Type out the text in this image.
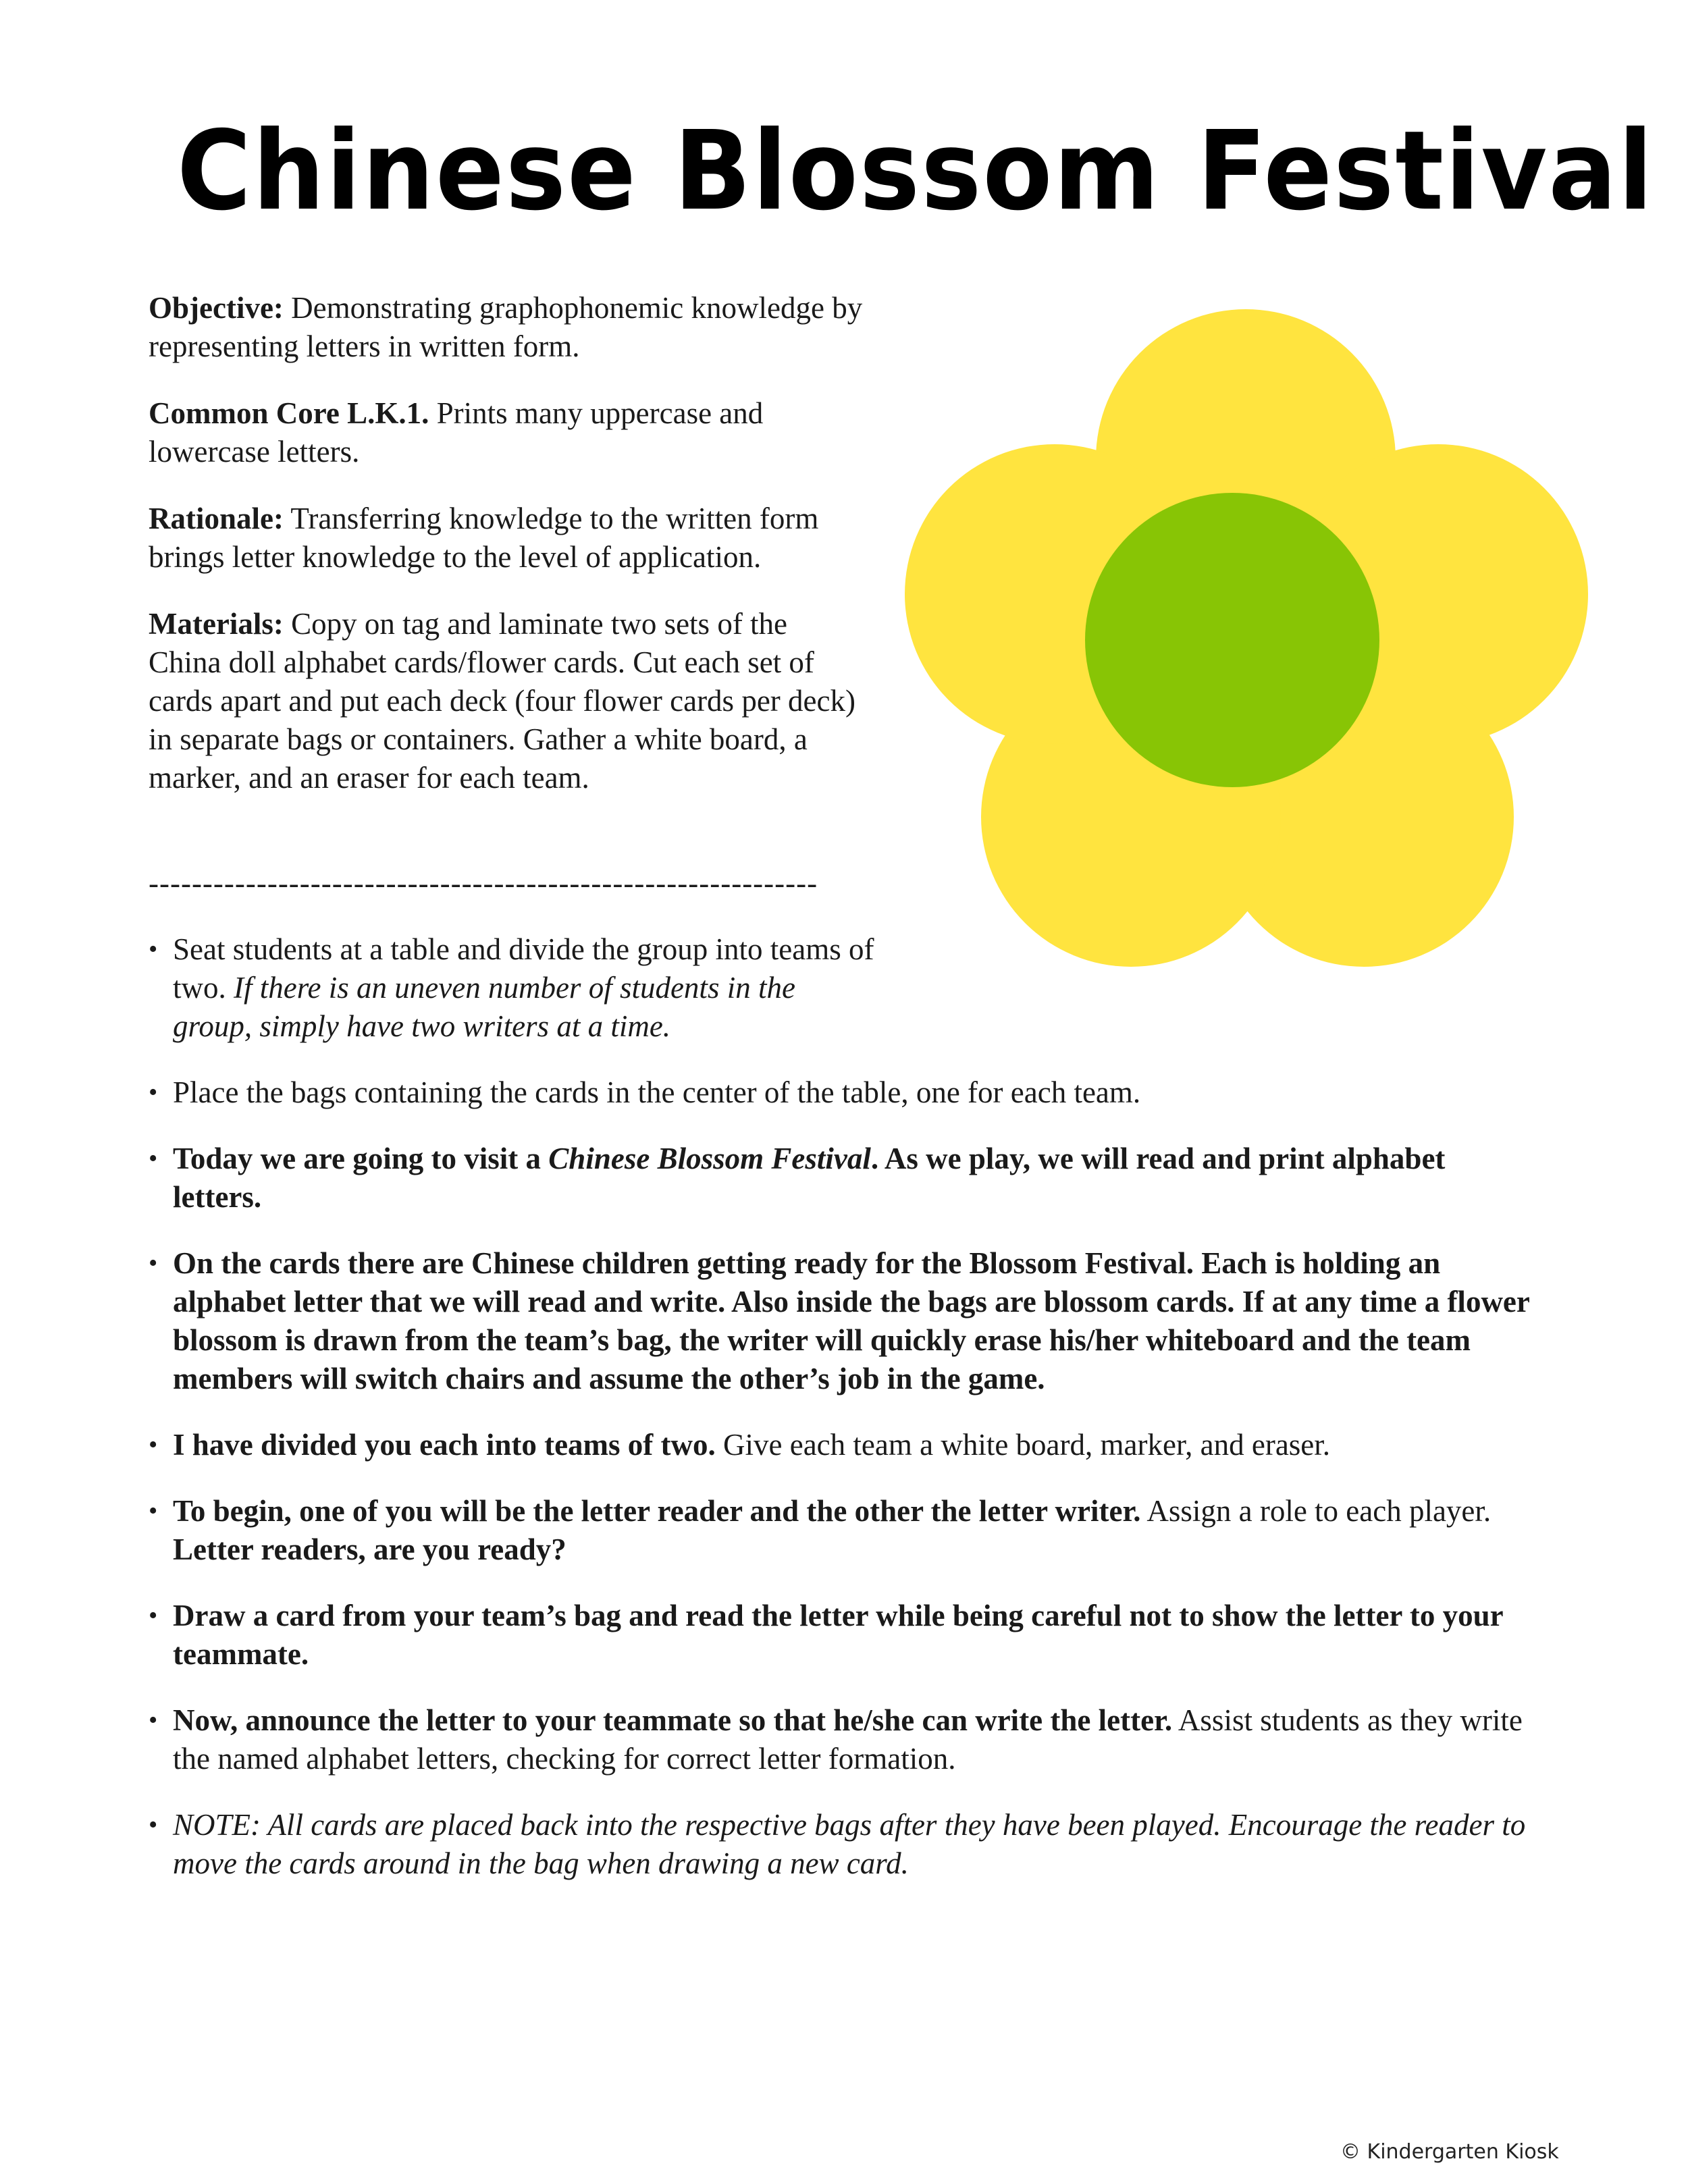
Chinese Blossom Festival

Objective: Demonstrating graphophonemic knowledge by representing letters in written form.

Common Core L.K.1. Prints many uppercase and lowercase letters.

Rationale: Transferring knowledge to the written form brings letter knowledge to the level of application.

Materials: Copy on tag and laminate two sets of the China doll alphabet cards/flower cards. Cut each set of cards apart and put each deck (four flower cards per deck) in separate bags or containers. Gather a white board, a marker, and an eraser for each team.

--------------------------------------------------------------
• Seat students at a table and divide the group into teams of two. If there is an uneven number of students in the group, simply have two writers at a time.
• Place the bags containing the cards in the center of the table, one for each team.
• Today we are going to visit a Chinese Blossom Festival. As we play, we will read and print alphabet letters.
• On the cards there are Chinese children getting ready for the Blossom Festival. Each is holding an alphabet letter that we will read and write. Also inside the bags are blossom cards. If at any time a flower blossom is drawn from the team’s bag, the writer will quickly erase his/her whiteboard and the team members will switch chairs and assume the other’s job in the game.
• I have divided you each into teams of two. Give each team a white board, marker, and eraser.
• To begin, one of you will be the letter reader and the other the letter writer. Assign a role to each player. Letter readers, are you ready?
• Draw a card from your team’s bag and read the letter while being careful not to show the letter to your teammate.
• Now, announce the letter to your teammate so that he/she can write the letter. Assist students as they write the named alphabet letters, checking for correct letter formation.
• NOTE: All cards are placed back into the respective bags after they have been played. Encourage the reader to move the cards around in the bag when drawing a new card.
© Kindergarten Kiosk
